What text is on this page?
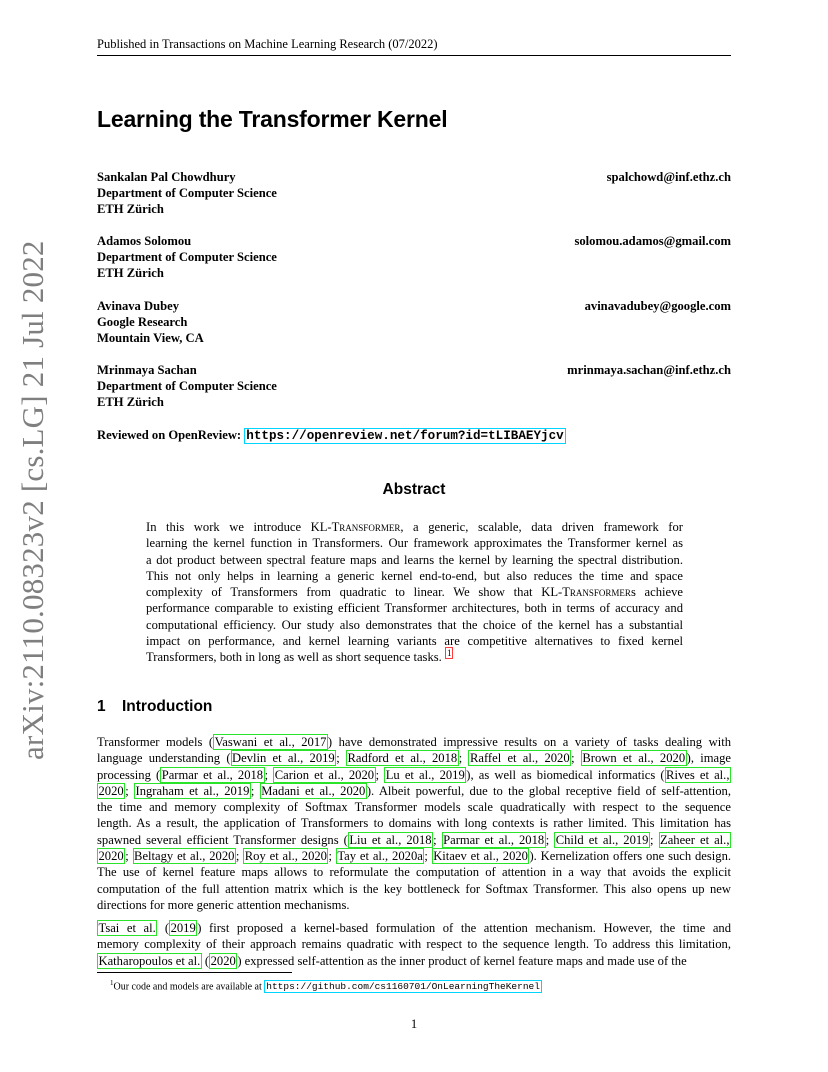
Published in Transactions on Machine Learning Research (07/2022)
arXiv:2110.08323v2 [cs.LG] 21 Jul 2022
Learning the Transformer Kernel
Sankalan Pal Chowdhury
Department of Computer Science
ETH Zürich
spalchowd@inf.ethz.ch
Adamos Solomou
Department of Computer Science
ETH Zürich
solomou.adamos@gmail.com
Avinava Dubey
Google Research
Mountain View, CA
avinavadubey@google.com
Mrinmaya Sachan
Department of Computer Science
ETH Zürich
mrinmaya.sachan@inf.ethz.ch
Reviewed on OpenReview: https://openreview.net/forum?id=tLIBAEYjcv
Abstract
In this work we introduce KL-Transformer, a generic, scalable, data driven framework for
learning the kernel function in Transformers. Our framework approximates the Transformer kernel as
a dot product between spectral feature maps and learns the kernel by learning the spectral distribution.
This not only helps in learning a generic kernel end-to-end, but also reduces the time and space
complexity of Transformers from quadratic to linear. We show that KL-Transformers achieve
performance comparable to existing efficient Transformer architectures, both in terms of accuracy and
computational efficiency. Our study also demonstrates that the choice of the kernel has a substantial
impact on performance, and kernel learning variants are competitive alternatives to fixed kernel
Transformers, both in long as well as short sequence tasks. $^1$
1 Introduction
Transformer models ( Vaswani et al., 2017 ) have demonstrated impressive results on a variety of tasks dealing with
language understanding ( Devlin et al., 2019 ; Radford et al., 2018 ; Raffel et al., 2020 ; Brown et al., 2020 ), image
processing ( Parmar et al., 2018 ; Carion et al., 2020 ; Lu et al., 2019 ), as well as biomedical informatics ( Rives et al.,
2020 ; Ingraham et al., 2019 ; Madani et al., 2020 ). Albeit powerful, due to the global receptive field of self-attention,
the time and memory complexity of Softmax Transformer models scale quadratically with respect to the sequence
length. As a result, the application of Transformers to domains with long contexts is rather limited. This limitation has
spawned several efficient Transformer designs ( Liu et al., 2018 ; Parmar et al., 2018 ; Child et al., 2019 ; Zaheer et al.,
2020 ; Beltagy et al., 2020 ; Roy et al., 2020 ; Tay et al., 2020a ; Kitaev et al., 2020 ). Kernelization offers one such design.
The use of kernel feature maps allows to reformulate the computation of attention in a way that avoids the explicit
computation of the full attention matrix which is the key bottleneck for Softmax Transformer. This also opens up new
directions for more generic attention mechanisms.
Tsai et al. ( 2019 ) first proposed a kernel-based formulation of the attention mechanism. However, the time and
memory complexity of their approach remains quadratic with respect to the sequence length. To address this limitation,
Katharopoulos et al. ( 2020 ) expressed self-attention as the inner product of kernel feature maps and made use of the
$^1$Our code and models are available at https://github.com/cs1160701/OnLearningTheKernel
1
